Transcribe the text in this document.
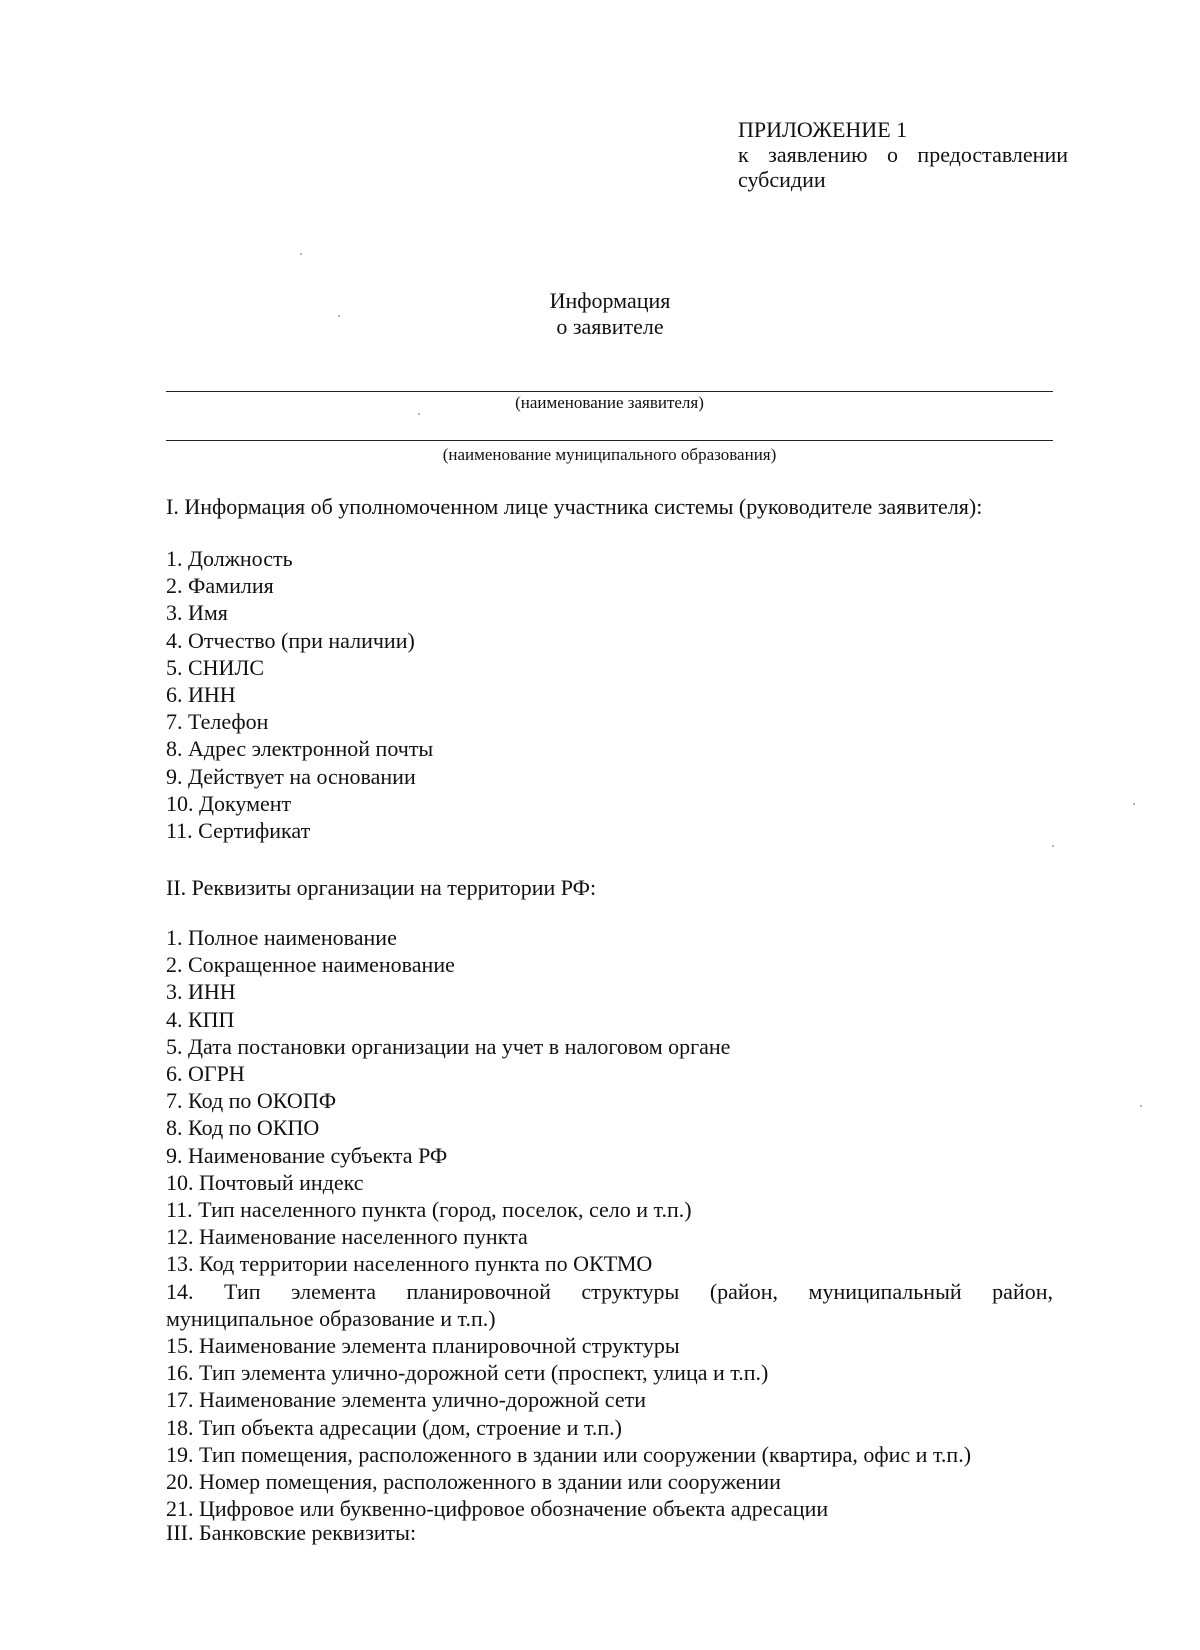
ПРИЛОЖЕНИЕ 1
к заявлению о предоставлении
субсидии
Информация
о заявителе
(наименование заявителя)
(наименование муниципального образования)
I. Информация об уполномоченном лице участника системы (руководителе заявителя):
1. Должность
2. Фамилия
3. Имя
4. Отчество (при наличии)
5. СНИЛС
6. ИНН
7. Телефон
8. Адрес электронной почты
9. Действует на основании
10. Документ
11. Сертификат
II. Реквизиты организации на территории РФ:
1. Полное наименование
2. Сокращенное наименование
3. ИНН
4. КПП
5. Дата постановки организации на учет в налоговом органе
6. ОГРН
7. Код по ОКОПФ
8. Код по ОКПО
9. Наименование субъекта РФ
10. Почтовый индекс
11. Тип населенного пункта (город, поселок, село и т.п.)
12. Наименование населенного пункта
13. Код территории населенного пункта по ОКТМО
14. Тип элемента планировочной структуры (район, муниципальный район,
муниципальное образование и т.п.)
15. Наименование элемента планировочной структуры
16. Тип элемента улично-дорожной сети (проспект, улица и т.п.)
17. Наименование элемента улично-дорожной сети
18. Тип объекта адресации (дом, строение и т.п.)
19. Тип помещения, расположенного в здании или сооружении (квартира, офис и т.п.)
20. Номер помещения, расположенного в здании или сооружении
21. Цифровое или буквенно-цифровое обозначение объекта адресации
III. Банковские реквизиты:
